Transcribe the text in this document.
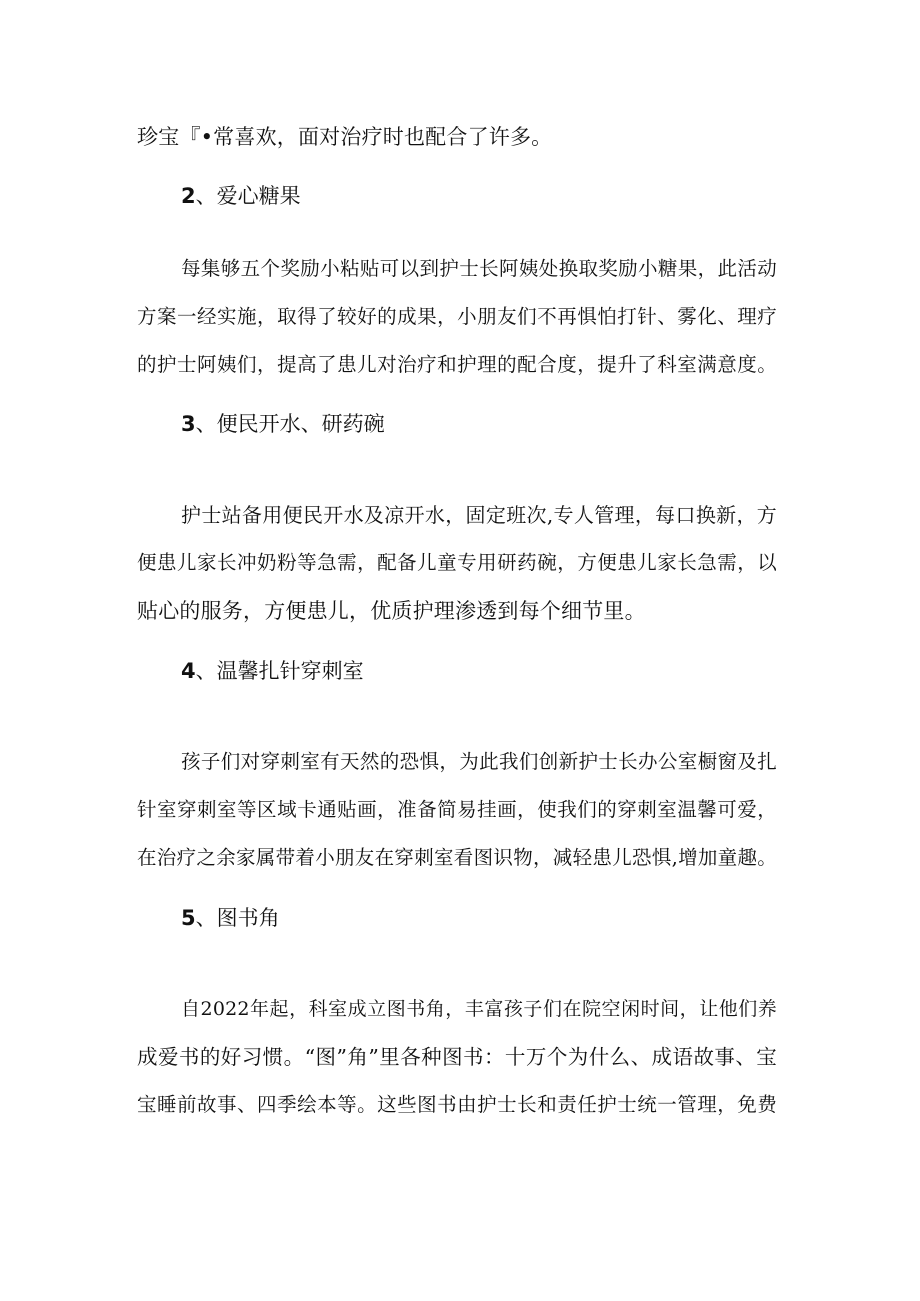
珍宝『•常喜欢，面对治疗时也配合了许多。
2、爱心糖果
每集够五个奖励小粘贴可以到护士长阿姨处换取奖励小糖果，此活动
方案一经实施，取得了较好的成果，小朋友们不再惧怕打针、雾化、理疗
的护士阿姨们，提高了患儿对治疗和护理的配合度，提升了科室满意度。
3、便民开水、研药碗
护士站备用便民开水及凉开水，固定班次,专人管理，每口换新，方
便患儿家长冲奶粉等急需，配备儿童专用研药碗，方便患儿家长急需，以
贴心的服务，方便患儿，优质护理渗透到每个细节里。
4、温馨扎针穿刺室
孩子们对穿刺室有天然的恐惧，为此我们创新护士长办公室橱窗及扎
针室穿刺室等区域卡通贴画，准备简易挂画，使我们的穿刺室温馨可爱，
在治疗之余家属带着小朋友在穿刺室看图识物，减轻患儿恐惧,增加童趣。
5、图书角
自2022年起，科室成立图书角，丰富孩子们在院空闲时间，让他们养
成爱书的好习惯。“图”角”里各种图书：十万个为什么、成语故事、宝
宝睡前故事、四季绘本等。这些图书由护士长和责任护士统一管理，免费
